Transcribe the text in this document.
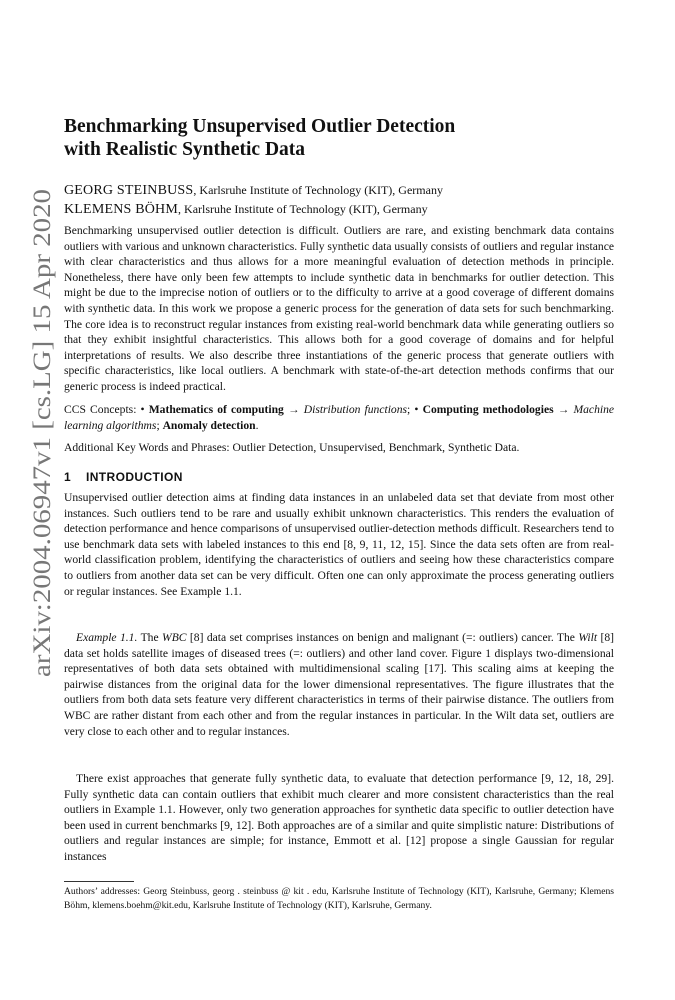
arXiv:2004.06947v1 [cs.LG] 15 Apr 2020
Benchmarking Unsupervised Outlier Detection
with Realistic Synthetic Data
GEORG STEINBUSS, Karlsruhe Institute of Technology (KIT), Germany
KLEMENS BÖHM, Karlsruhe Institute of Technology (KIT), Germany

Benchmarking unsupervised outlier detection is difficult. Outliers are rare, and existing benchmark data contains outliers with various and unknown characteristics. Fully synthetic data usually consists of outliers and regular instance with clear characteristics and thus allows for a more meaningful evaluation of detection methods in principle. Nonetheless, there have only been few attempts to include synthetic data in benchmarks for outlier detection. This might be due to the imprecise notion of outliers or to the difficulty to arrive at a good coverage of different domains with synthetic data. In this work we propose a generic process for the generation of data sets for such benchmarking. The core idea is to reconstruct regular instances from existing real-world benchmark data while generating outliers so that they exhibit insightful characteristics. This allows both for a good coverage of domains and for helpful interpretations of results. We also describe three instantiations of the generic process that generate outliers with specific characteristics, like local outliers. A benchmark with state-of-the-art detection methods confirms that our generic process is indeed practical.

CCS Concepts: • Mathematics of computing → Distribution functions; • Computing methodologies → Machine learning algorithms; Anomaly detection.

Additional Key Words and Phrases: Outlier Detection, Unsupervised, Benchmark, Synthetic Data.

1 INTRODUCTION

Unsupervised outlier detection aims at finding data instances in an unlabeled data set that deviate from most other instances. Such outliers tend to be rare and usually exhibit unknown characteristics. This renders the evaluation of detection performance and hence comparisons of unsupervised outlier-detection methods difficult. Researchers tend to use benchmark data sets with labeled instances to this end [8, 9, 11, 12, 15]. Since the data sets often are from real-world classification problem, identifying the characteristics of outliers and seeing how these characteristics compare to outliers from another data set can be very difficult. Often one can only approximate the process generating outliers or regular instances. See Example 1.1.

Example 1.1. The WBC [8] data set comprises instances on benign and malignant (=: outliers) cancer. The Wilt [8] data set holds satellite images of diseased trees (=: outliers) and other land cover. Figure 1 displays two-dimensional representatives of both data sets obtained with multidimensional scaling [17]. This scaling aims at keeping the pairwise distances from the original data for the lower dimensional representatives. The figure illustrates that the outliers from both data sets feature very different characteristics in terms of their pairwise distance. The outliers from WBC are rather distant from each other and from the regular instances in particular. In the Wilt data set, outliers are very close to each other and to regular instances.

There exist approaches that generate fully synthetic data, to evaluate that detection performance [9, 12, 18, 29]. Fully synthetic data can contain outliers that exhibit much clearer and more consistent characteristics than the real outliers in Example 1.1. However, only two generation approaches for synthetic data specific to outlier detection have been used in current benchmarks [9, 12]. Both approaches are of a similar and quite simplistic nature: Distributions of outliers and regular instances are simple; for instance, Emmott et al. [12] propose a single Gaussian for regular instances

Authors’ addresses: Georg Steinbuss, georg . steinbuss @ kit . edu, Karlsruhe Institute of Technology (KIT), Karlsruhe, Germany; Klemens Böhm, klemens.boehm@kit.edu, Karlsruhe Institute of Technology (KIT), Karlsruhe, Germany.
